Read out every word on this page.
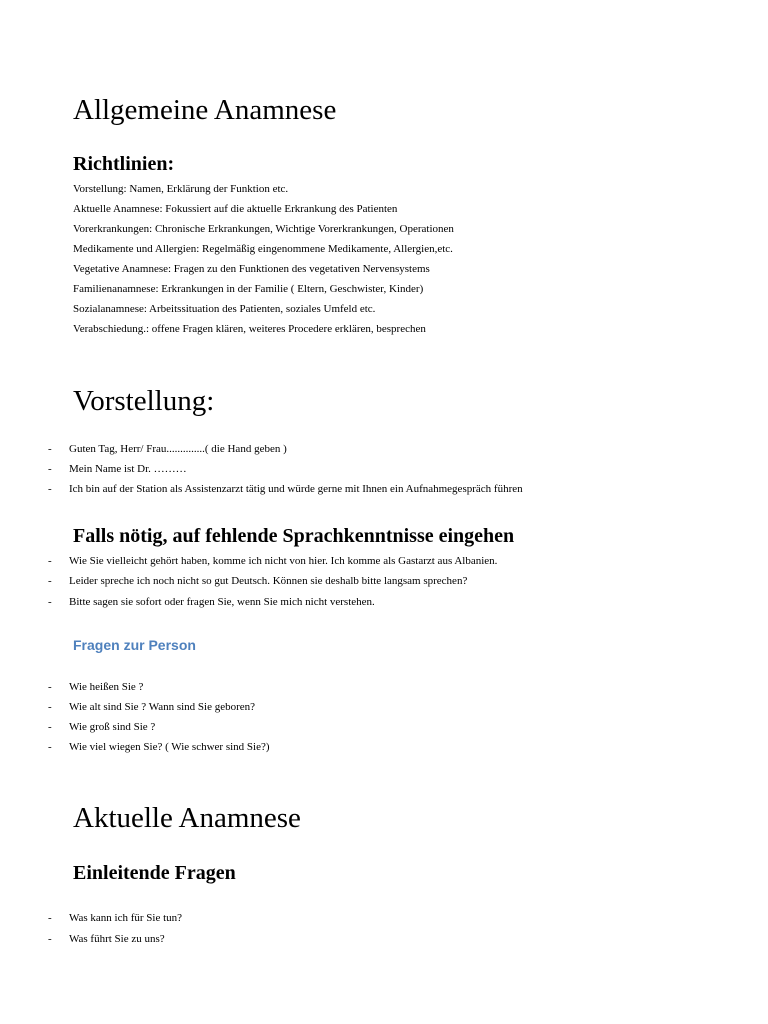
Allgemeine Anamnese
Richtlinien:
Vorstellung: Namen, Erklärung der Funktion etc.
Aktuelle Anamnese: Fokussiert auf die aktuelle Erkrankung des Patienten
Vorerkrankungen: Chronische Erkrankungen, Wichtige Vorerkrankungen, Operationen
Medikamente und Allergien: Regelmäßig eingenommene Medikamente, Allergien,etc.
Vegetative Anamnese: Fragen zu den Funktionen des vegetativen Nervensystems
Familienanamnese: Erkrankungen in der Familie ( Eltern, Geschwister, Kinder)
Sozialanamnese: Arbeitssituation des Patienten, soziales Umfeld etc.
Verabschiedung.: offene Fragen klären, weiteres Procedere erklären, besprechen
Vorstellung:
- Guten Tag, Herr/ Frau..............( die Hand geben )
- Mein Name ist Dr. ………
- Ich bin auf der Station als Assistenzarzt tätig und würde gerne mit Ihnen ein Aufnahmegespräch führen
Falls nötig, auf fehlende Sprachkenntnisse eingehen
- Wie Sie vielleicht gehört haben, komme ich nicht von hier. Ich komme als Gastarzt aus Albanien.
- Leider spreche ich noch nicht so gut Deutsch. Können sie deshalb bitte langsam sprechen?
- Bitte sagen sie sofort oder fragen Sie, wenn Sie mich nicht verstehen.
Fragen zur Person
- Wie heißen Sie ?
- Wie alt sind Sie ? Wann sind Sie geboren?
- Wie groß sind Sie ?
- Wie viel wiegen Sie? ( Wie schwer sind Sie?)
Aktuelle Anamnese
Einleitende Fragen
- Was kann ich für Sie tun?
- Was führt Sie zu uns?
